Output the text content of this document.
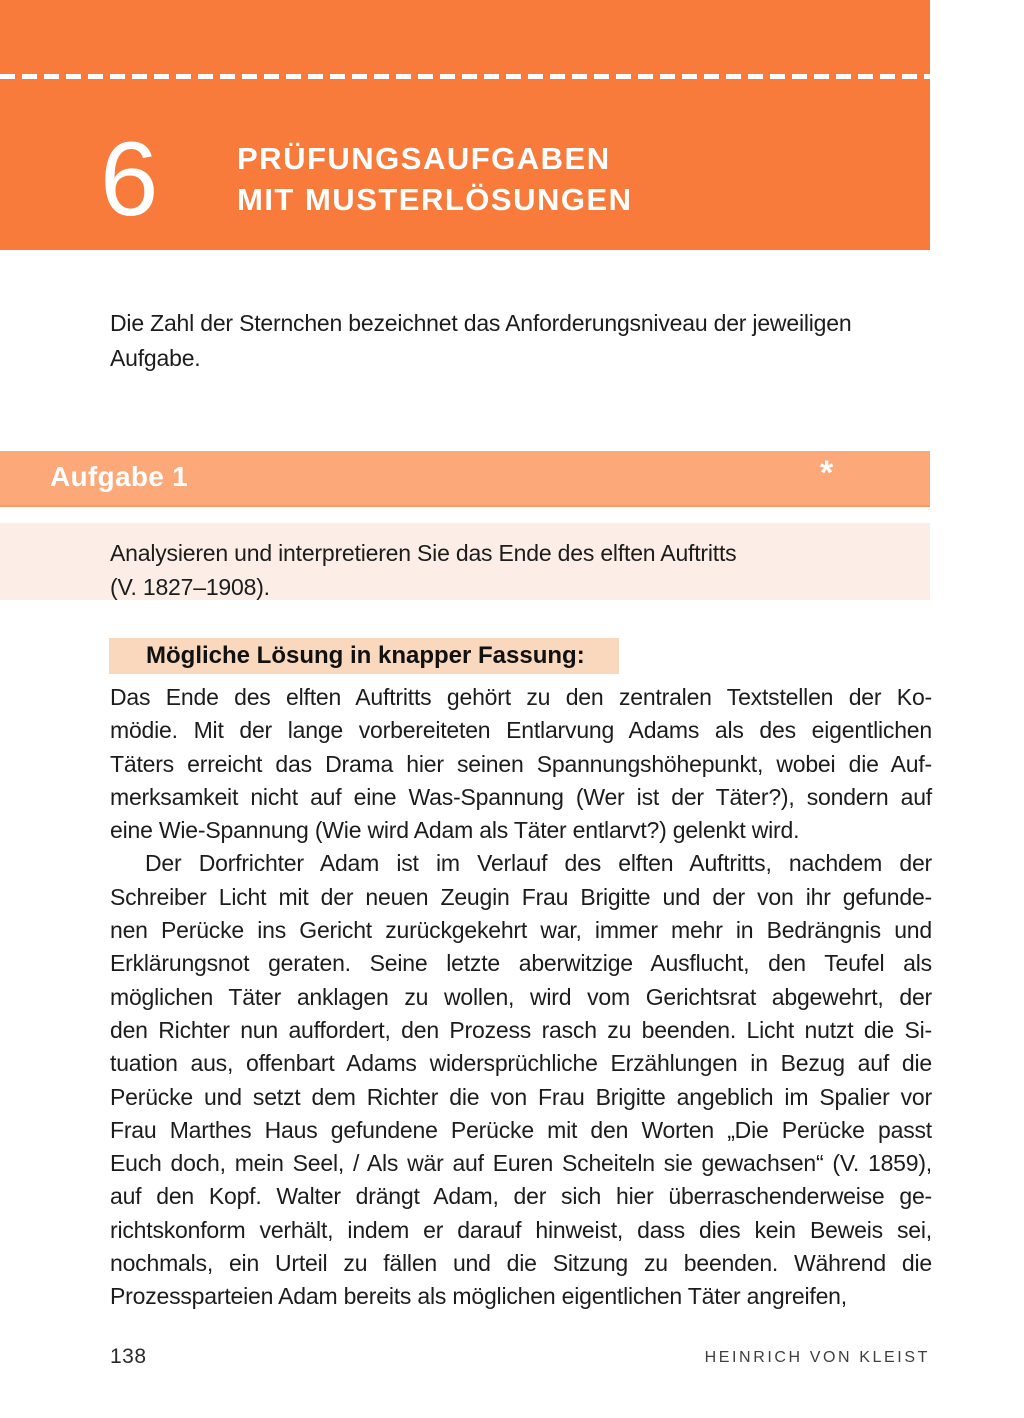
6	PRÜFUNGSAUFGABEN
MIT MUSTERLÖSUNGEN
Die Zahl der Sternchen bezeichnet das Anforderungsniveau der jeweiligen
Aufgabe.
Aufgabe 1	*
Analysieren und interpretieren Sie das Ende des elften Auftritts
(V. 1827–1908).
Mögliche Lösung in knapper Fassung:
Das Ende des elften Auftritts gehört zu den zentralen Textstellen der Ko-
mödie. Mit der lange vorbereiteten Entlarvung Adams als des eigentlichen
Täters erreicht das Drama hier seinen Spannungshöhepunkt, wobei die Auf-
merksamkeit nicht auf eine Was-Spannung (Wer ist der Täter?), sondern auf
eine Wie-Spannung (Wie wird Adam als Täter entlarvt?) gelenkt wird.
Der Dorfrichter Adam ist im Verlauf des elften Auftritts, nachdem der
Schreiber Licht mit der neuen Zeugin Frau Brigitte und der von ihr gefunde-
nen Perücke ins Gericht zurückgekehrt war, immer mehr in Bedrängnis und
Erklärungsnot geraten. Seine letzte aberwitzige Ausflucht, den Teufel als
möglichen Täter anklagen zu wollen, wird vom Gerichtsrat abgewehrt, der
den Richter nun auffordert, den Prozess rasch zu beenden. Licht nutzt die Si-
tuation aus, offenbart Adams widersprüchliche Erzählungen in Bezug auf die
Perücke und setzt dem Richter die von Frau Brigitte angeblich im Spalier vor
Frau Marthes Haus gefundene Perücke mit den Worten „Die Perücke passt
Euch doch, mein Seel, / Als wär auf Euren Scheiteln sie gewachsen“ (V. 1859),
auf den Kopf. Walter drängt Adam, der sich hier überraschenderweise ge-
richtskonform verhält, indem er darauf hinweist, dass dies kein Beweis sei,
nochmals, ein Urteil zu fällen und die Sitzung zu beenden. Während die
Prozessparteien Adam bereits als möglichen eigentlichen Täter angreifen,
138	HEINRICH VON KLEIST
